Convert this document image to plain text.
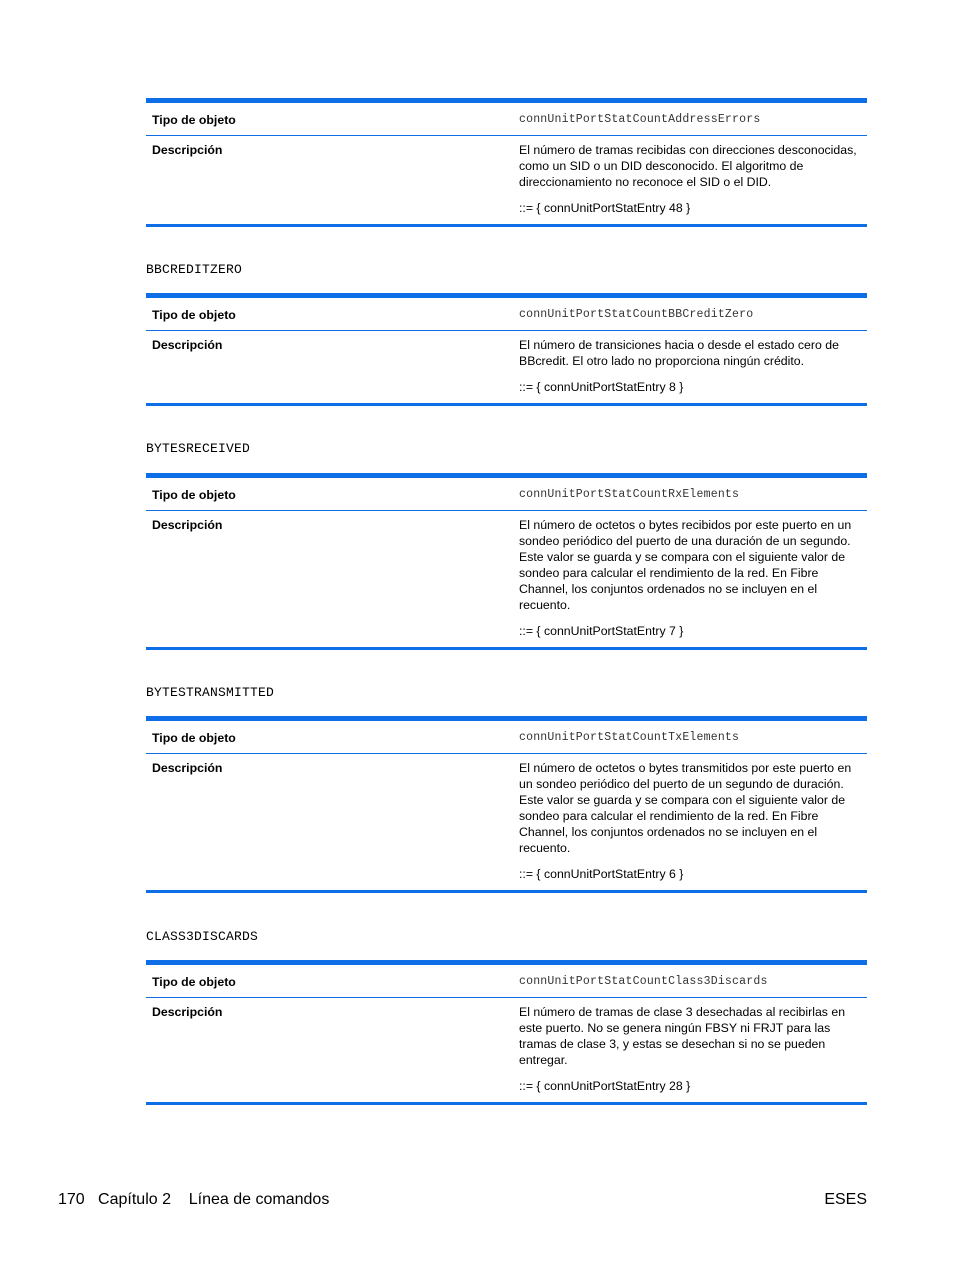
Tipo de objeto	connUnitPortStatCountAddressErrors
Descripción	El número de tramas recibidas con direcciones desconocidas, como un SID o un DID desconocido. El algoritmo de direccionamiento no reconoce el SID o el DID.

::= { connUnitPortStatEntry 48 }

BBCREDITZERO
Tipo de objeto	connUnitPortStatCountBBCreditZero
Descripción	El número de transiciones hacia o desde el estado cero de BBcredit. El otro lado no proporciona ningún crédito.

::= { connUnitPortStatEntry 8 }

BYTESRECEIVED
Tipo de objeto	connUnitPortStatCountRxElements
Descripción	El número de octetos o bytes recibidos por este puerto en un sondeo periódico del puerto de una duración de un segundo. Este valor se guarda y se compara con el siguiente valor de sondeo para calcular el rendimiento de la red. En Fibre Channel, los conjuntos ordenados no se incluyen en el recuento.

::= { connUnitPortStatEntry 7 }

BYTESTRANSMITTED
Tipo de objeto	connUnitPortStatCountTxElements
Descripción	El número de octetos o bytes transmitidos por este puerto en un sondeo periódico del puerto de un segundo de duración. Este valor se guarda y se compara con el siguiente valor de sondeo para calcular el rendimiento de la red. En Fibre Channel, los conjuntos ordenados no se incluyen en el recuento.

::= { connUnitPortStatEntry 6 }

CLASS3DISCARDS
Tipo de objeto	connUnitPortStatCountClass3Discards
Descripción	El número de tramas de clase 3 desechadas al recibirlas en este puerto. No se genera ningún FBSY ni FRJT para las tramas de clase 3, y estas se desechan si no se pueden entregar.

::= { connUnitPortStatEntry 28 }

170 Capítulo 2 Línea de comandos	ESES
